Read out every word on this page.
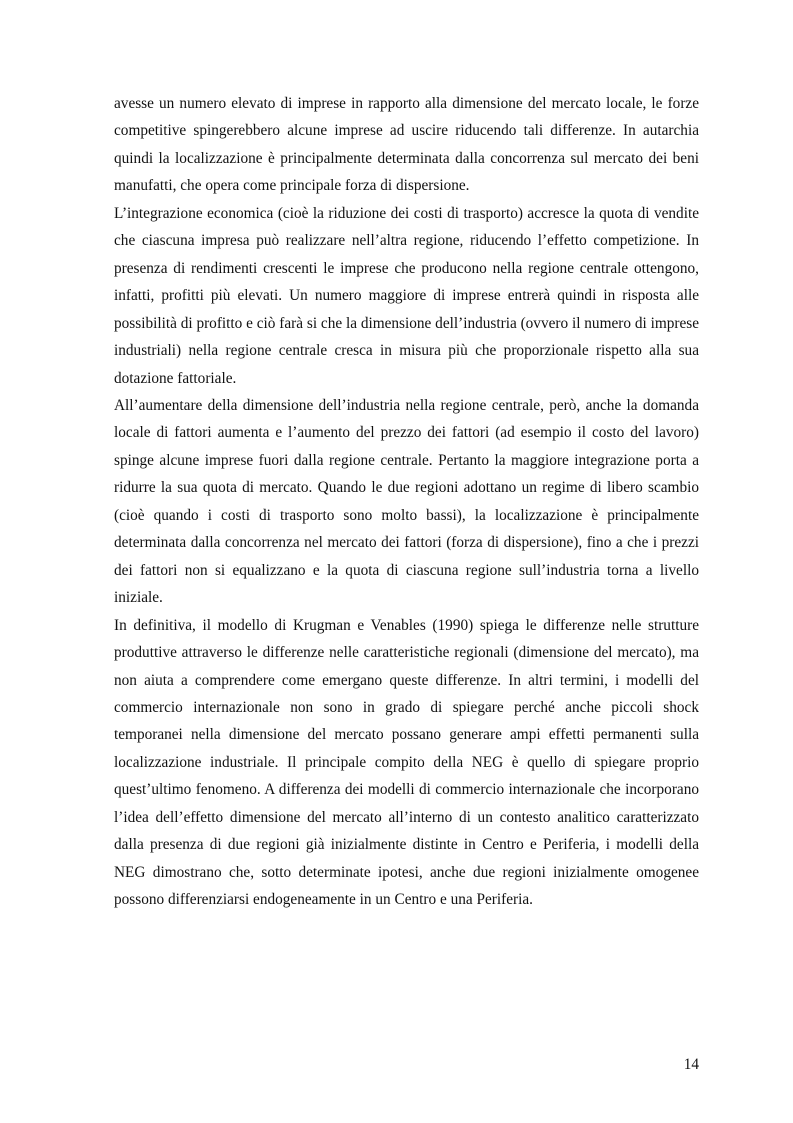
avesse un numero elevato di imprese in rapporto alla dimensione del mercato locale, le forze competitive spingerebbero alcune imprese ad uscire riducendo tali differenze. In autarchia quindi la localizzazione è principalmente determinata dalla concorrenza sul mercato dei beni manufatti, che opera come principale forza di dispersione.

L’integrazione economica (cioè la riduzione dei costi di trasporto) accresce la quota di vendite che ciascuna impresa può realizzare nell’altra regione, riducendo l’effetto competizione. In presenza di rendimenti crescenti le imprese che producono nella regione centrale ottengono, infatti, profitti più elevati. Un numero maggiore di imprese entrerà quindi in risposta alle possibilità di profitto e ciò farà si che la dimensione dell’industria (ovvero il numero di imprese industriali) nella regione centrale cresca in misura più che proporzionale rispetto alla sua dotazione fattoriale.

All’aumentare della dimensione dell’industria nella regione centrale, però, anche la domanda locale di fattori aumenta e l’aumento del prezzo dei fattori (ad esempio il costo del lavoro) spinge alcune imprese fuori dalla regione centrale. Pertanto la maggiore integrazione porta a ridurre la sua quota di mercato. Quando le due regioni adottano un regime di libero scambio (cioè quando i costi di trasporto sono molto bassi), la localizzazione è principalmente determinata dalla concorrenza nel mercato dei fattori (forza di dispersione), fino a che i prezzi dei fattori non si equalizzano e la quota di ciascuna regione sull’industria torna a livello iniziale.

In definitiva, il modello di Krugman e Venables (1990) spiega le differenze nelle strutture produttive attraverso le differenze nelle caratteristiche regionali (dimensione del mercato), ma non aiuta a comprendere come emergano queste differenze. In altri termini, i modelli del commercio internazionale non sono in grado di spiegare perché anche piccoli shock temporanei nella dimensione del mercato possano generare ampi effetti permanenti sulla localizzazione industriale. Il principale compito della NEG è quello di spiegare proprio quest’ultimo fenomeno. A differenza dei modelli di commercio internazionale che incorporano l’idea dell’effetto dimensione del mercato all’interno di un contesto analitico caratterizzato dalla presenza di due regioni già inizialmente distinte in Centro e Periferia, i modelli della NEG dimostrano che, sotto determinate ipotesi, anche due regioni inizialmente omogenee possono differenziarsi endogeneamente in un Centro e una Periferia.

14
